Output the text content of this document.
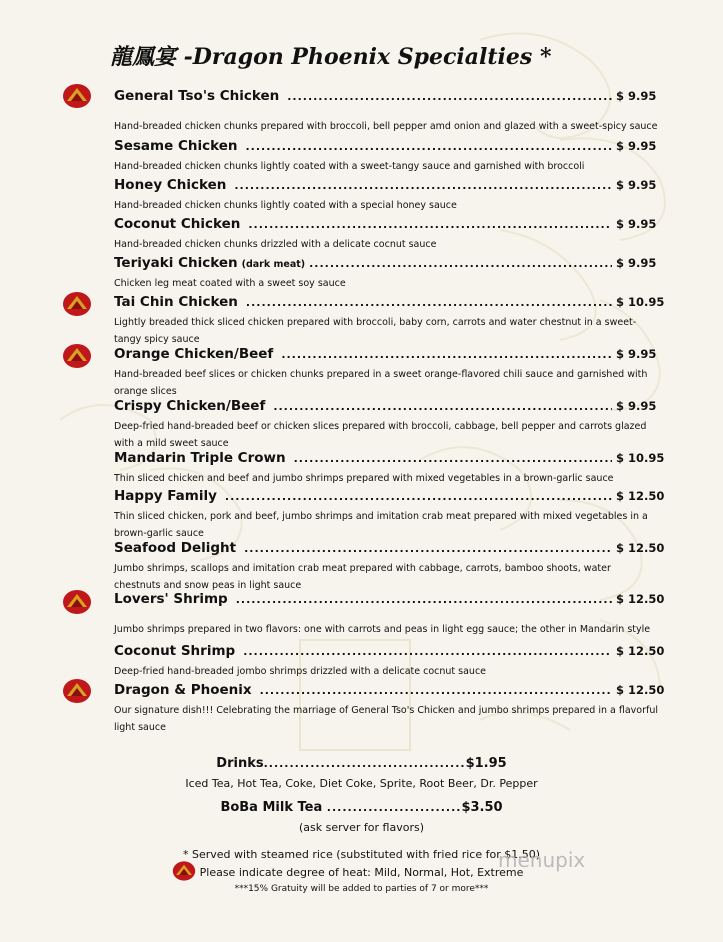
龍鳳宴 -Dragon Phoenix Specialties *
General Tso's Chicken .....	$ 9.95
Hand-breaded chicken chunks prepared with broccoli, bell pepper amd onion and glazed with a sweet-spicy sauce
Sesame Chicken .....	$ 9.95
Hand-breaded chicken chunks lightly coated with a sweet-tangy sauce and garnished with broccoli
Honey Chicken .....	$ 9.95
Hand-breaded chicken chunks lightly coated with a special honey sauce
Coconut Chicken .....	$ 9.95
Hand-breaded chicken chunks drizzled with a delicate cocnut sauce
Teriyaki Chicken (dark meat) .....	$ 9.95
Chicken leg meat coated with a sweet soy sauce
Tai Chin Chicken .....	$ 10.95
Lightly breaded thick sliced chicken prepared with broccoli, baby corn, carrots and water chestnut in a sweet-tangy spicy sauce
Orange Chicken/Beef .....	$ 9.95
Hand-breaded beef slices or chicken chunks prepared in a sweet orange-flavored chili sauce and garnished with orange slices
Crispy Chicken/Beef .....	$ 9.95
Deep-fried hand-breaded beef or chicken slices prepared with broccoli, cabbage, bell pepper and carrots glazed with a mild sweet sauce
Mandarin Triple Crown .....	$ 10.95
Thin sliced chicken and beef and jumbo shrimps prepared with mixed vegetables in a brown-garlic sauce
Happy Family .....	$ 12.50
Thin sliced chicken, pork and beef, jumbo shrimps and imitation crab meat prepared with mixed vegetables in a brown-garlic sauce
Seafood Delight .....	$ 12.50
Jumbo shrimps, scallops and imitation crab meat prepared with cabbage, carrots, bamboo shoots, water chestnuts and snow peas in light sauce
Lovers' Shrimp .....	$ 12.50
Jumbo shrimps prepared in two flavors: one with carrots and peas in light egg sauce; the other in Mandarin style
Coconut Shrimp .....	$ 12.50
Deep-fried hand-breaded jombo shrimps drizzled with a delicate cocnut sauce
Dragon & Phoenix .....	$ 12.50
Our signature dish!!! Celebrating the marriage of General Tso's Chicken and jumbo shrimps prepared in a flavorful light sauce
Drinks.......................................$1.95
Iced Tea, Hot Tea, Coke, Diet Coke, Sprite, Root Beer, Dr. Pepper
BoBa Milk Tea ..........................$3.50
(ask server for flavors)
* Served with steamed rice (substituted with fried rice for $1.50)
Please indicate degree of heat: Mild, Normal, Hot, Extreme
***15% Gratuity will be added to parties of 7 or more***
menupix
